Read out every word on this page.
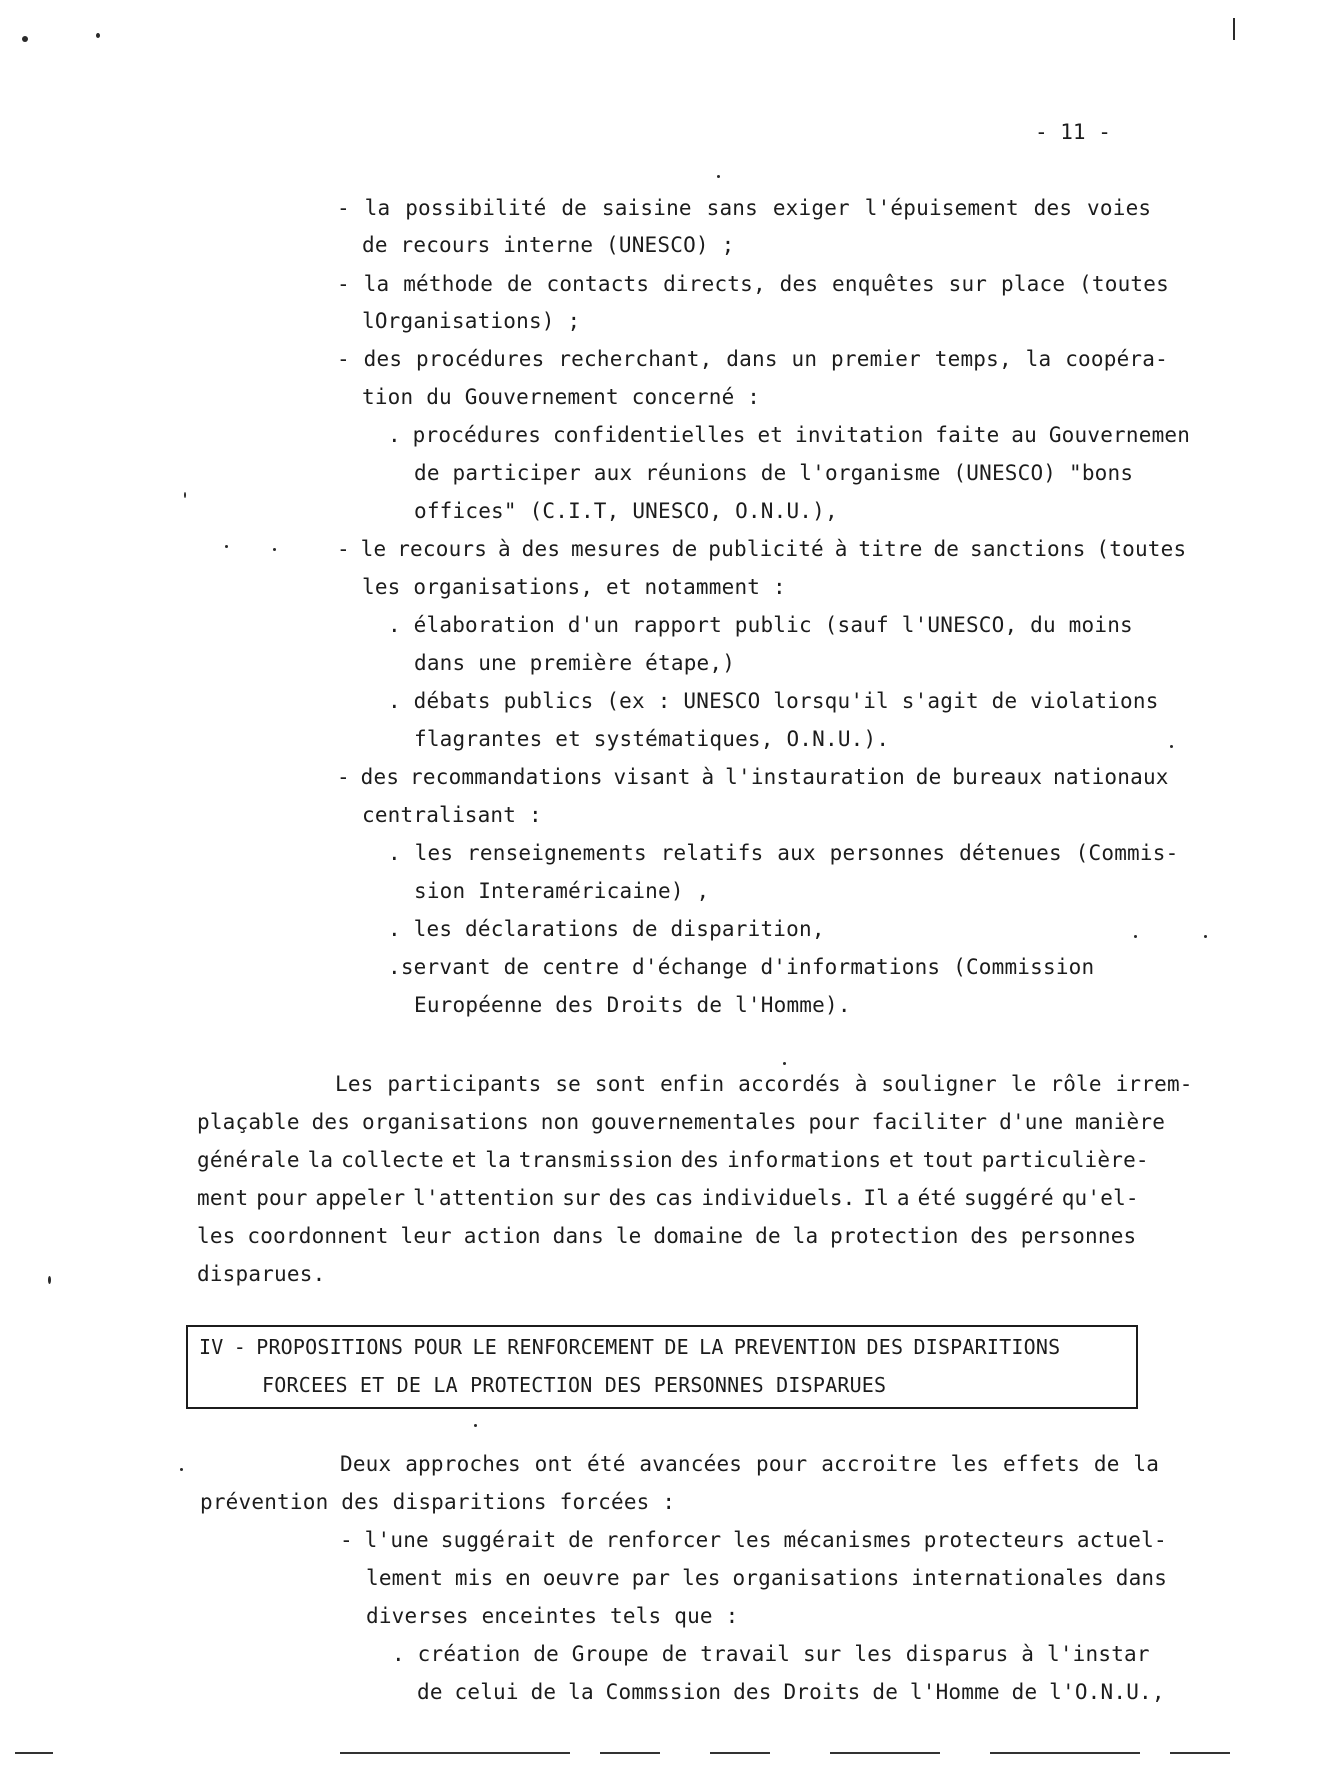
- 11 -
- la possibilité de saisine sans exiger l'épuisement des voies
de recours interne (UNESCO) ;
- la méthode de contacts directs, des enquêtes sur place (toutes
lOrganisations) ;
- des procédures recherchant, dans un premier temps, la coopéra-
tion du Gouvernement concerné :
. procédures confidentielles et invitation faite au Gouvernemen
de participer aux réunions de l'organisme (UNESCO) "bons
offices" (C.I.T, UNESCO, O.N.U.),
- le recours à des mesures de publicité à titre de sanctions (toutes
les organisations, et notamment :
. élaboration d'un rapport public (sauf l'UNESCO, du moins
dans une première étape,)
. débats publics (ex : UNESCO lorsqu'il s'agit de violations
flagrantes et systématiques, O.N.U.).
- des recommandations visant à l'instauration de bureaux nationaux
centralisant :
. les renseignements relatifs aux personnes détenues (Commis-
sion Interaméricaine) ,
. les déclarations de disparition,
.servant de centre d'échange d'informations (Commission
Européenne des Droits de l'Homme).
Les participants se sont enfin accordés à souligner le rôle irrem-
plaçable des organisations non gouvernementales pour faciliter d'une manière
générale la collecte et la transmission des informations et tout particulière-
ment pour appeler l'attention sur des cas individuels. Il a été suggéré qu'el-
les coordonnent leur action dans le domaine de la protection des personnes
disparues.
IV - PROPOSITIONS POUR LE RENFORCEMENT DE LA PREVENTION DES DISPARITIONS
FORCEES ET DE LA PROTECTION DES PERSONNES DISPARUES
Deux approches ont été avancées pour accroitre les effets de la
prévention des disparitions forcées :
- l'une suggérait de renforcer les mécanismes protecteurs actuel-
lement mis en oeuvre par les organisations internationales dans
diverses enceintes tels que :
. création de Groupe de travail sur les disparus à l'instar
de celui de la Commssion des Droits de l'Homme de l'O.N.U.,
